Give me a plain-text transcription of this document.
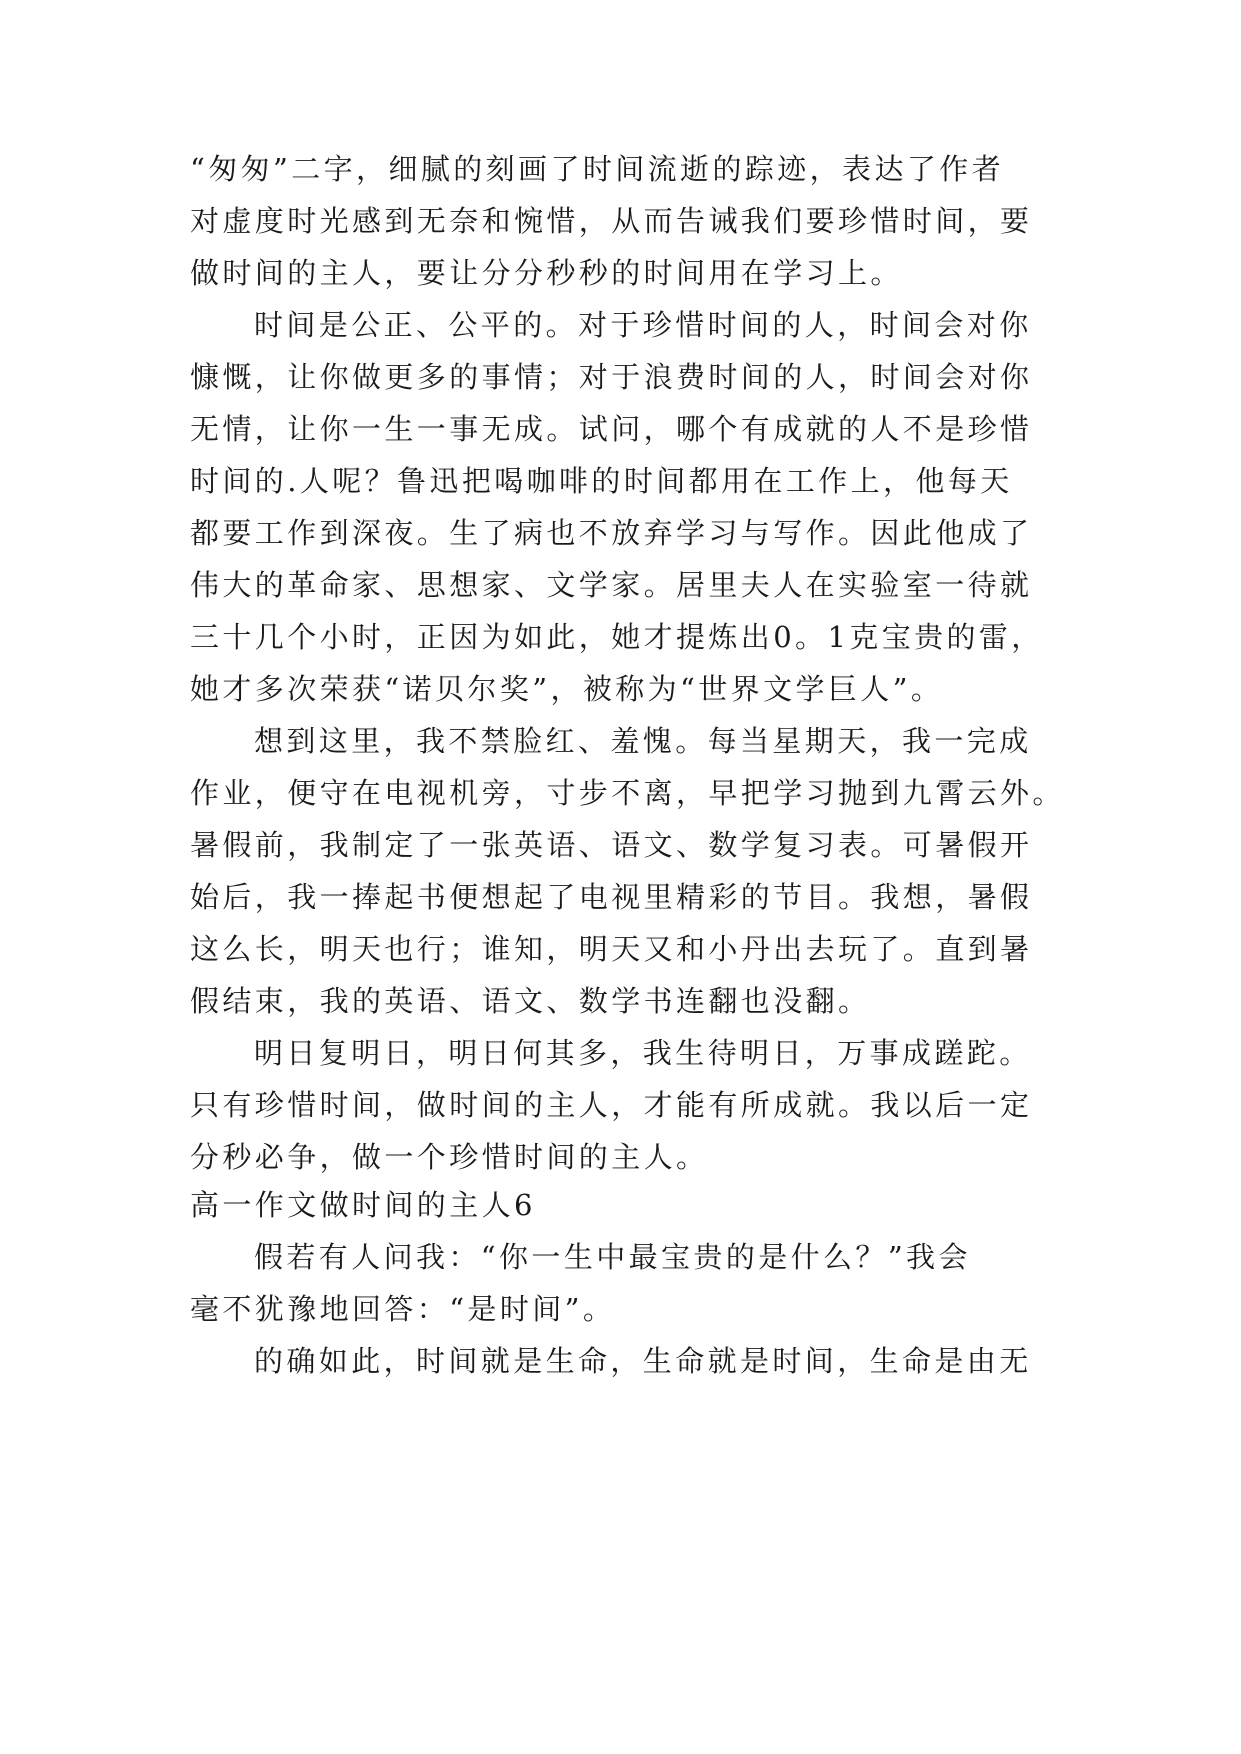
“匆匆”二字，细腻的刻画了时间流逝的踪迹，表达了作者
对虚度时光感到无奈和惋惜，从而告诫我们要珍惜时间，要
做时间的主人，要让分分秒秒的时间用在学习上。
时间是公正、公平的。对于珍惜时间的人，时间会对你
慷慨，让你做更多的事情；对于浪费时间的人，时间会对你
无情，让你一生一事无成。试问，哪个有成就的人不是珍惜
时间的.人呢？鲁迅把喝咖啡的时间都用在工作上，他每天
都要工作到深夜。生了病也不放弃学习与写作。因此他成了
伟大的革命家、思想家、文学家。居里夫人在实验室一待就
三十几个小时，正因为如此，她才提炼出0。1克宝贵的雷，
她才多次荣获“诺贝尔奖”，被称为“世界文学巨人”。
想到这里，我不禁脸红、羞愧。每当星期天，我一完成
作业，便守在电视机旁，寸步不离，早把学习抛到九霄云外。
暑假前，我制定了一张英语、语文、数学复习表。可暑假开
始后，我一捧起书便想起了电视里精彩的节目。我想，暑假
这么长，明天也行；谁知，明天又和小丹出去玩了。直到暑
假结束，我的英语、语文、数学书连翻也没翻。
明日复明日，明日何其多，我生待明日，万事成蹉跎。
只有珍惜时间，做时间的主人，才能有所成就。我以后一定
分秒必争，做一个珍惜时间的主人。
高一作文做时间的主人6
假若有人问我：“你一生中最宝贵的是什么？”我会
毫不犹豫地回答：“是时间”。
的确如此，时间就是生命，生命就是时间，生命是由无
